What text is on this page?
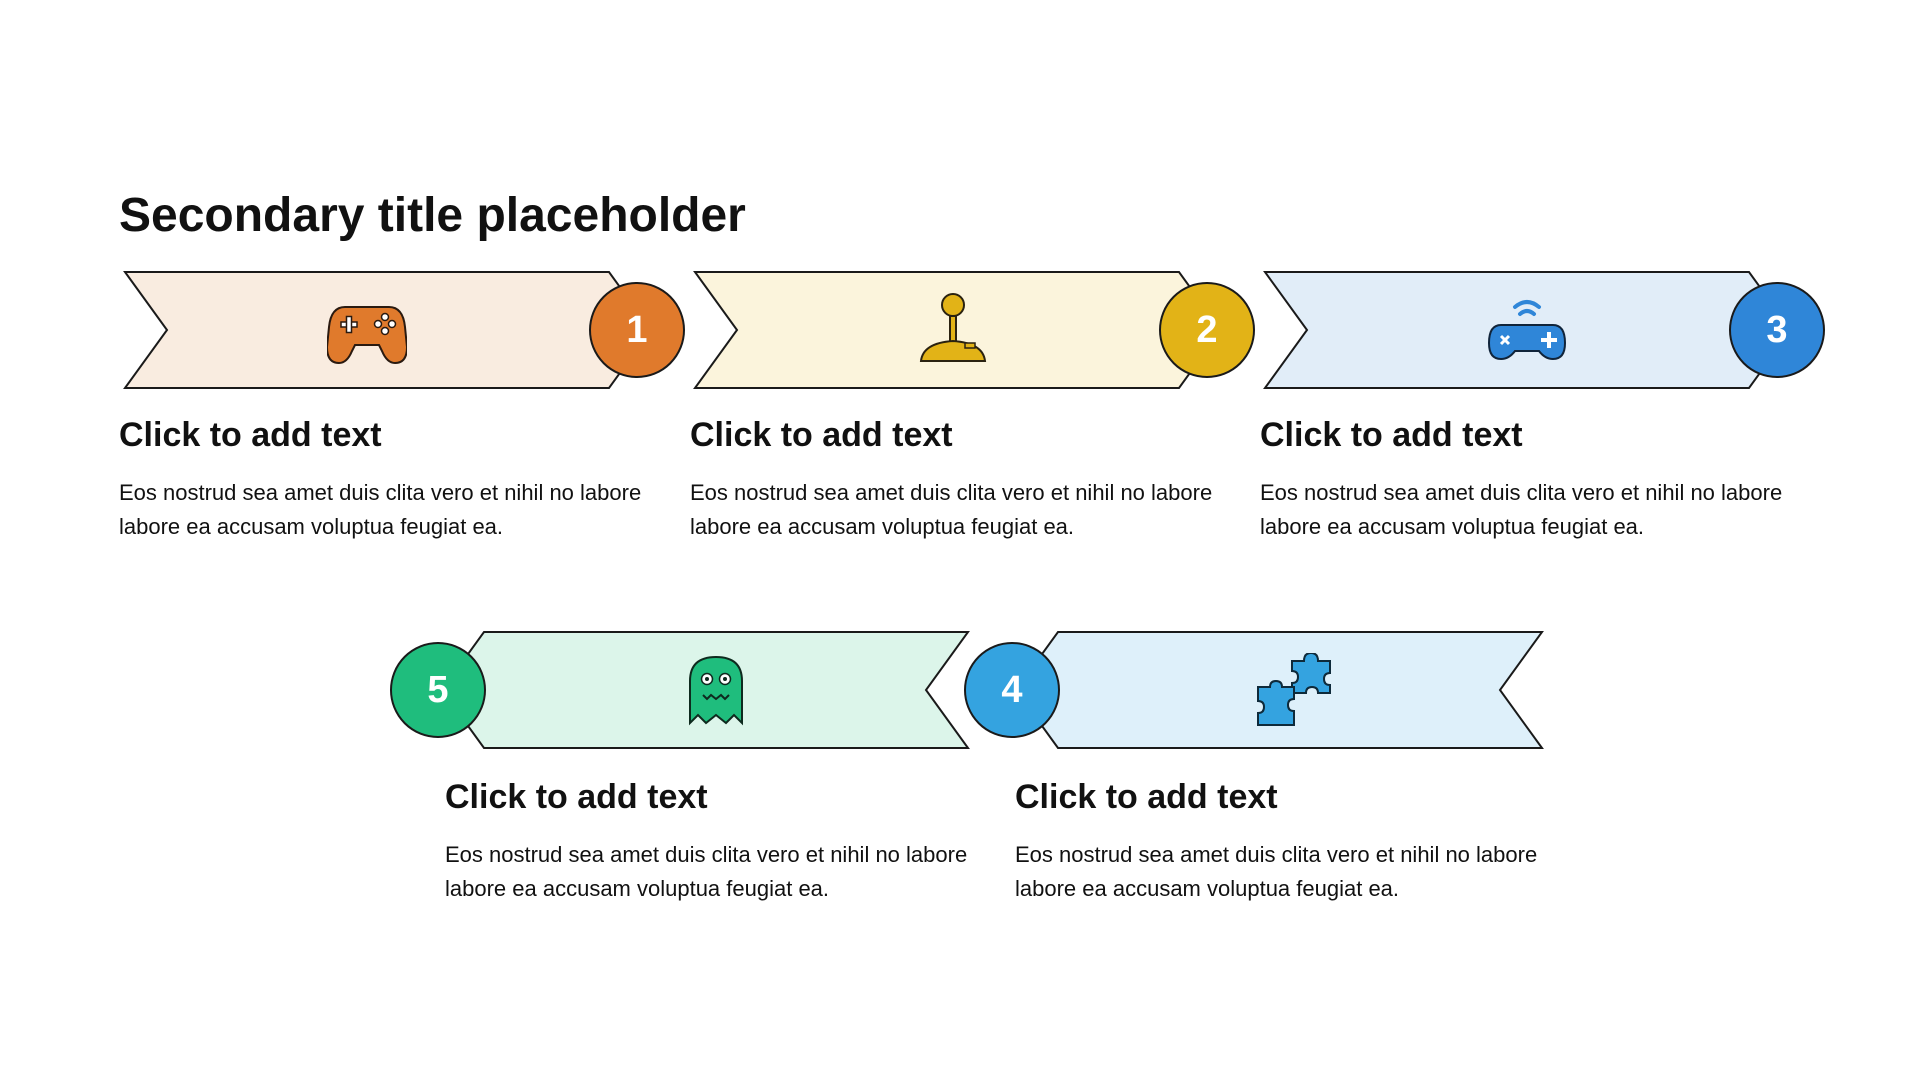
Secondary title placeholder
1

Click to add text

Eos nostrud sea amet duis clita vero et nihil no labore labore ea accusam voluptua feugiat ea.

2

Click to add text

Eos nostrud sea amet duis clita vero et nihil no labore labore ea accusam voluptua feugiat ea.

3

Click to add text

Eos nostrud sea amet duis clita vero et nihil no labore labore ea accusam voluptua feugiat ea.

5

Click to add text

Eos nostrud sea amet duis clita vero et nihil no labore labore ea accusam voluptua feugiat ea.

4

Click to add text

Eos nostrud sea amet duis clita vero et nihil no labore labore ea accusam voluptua feugiat ea.
